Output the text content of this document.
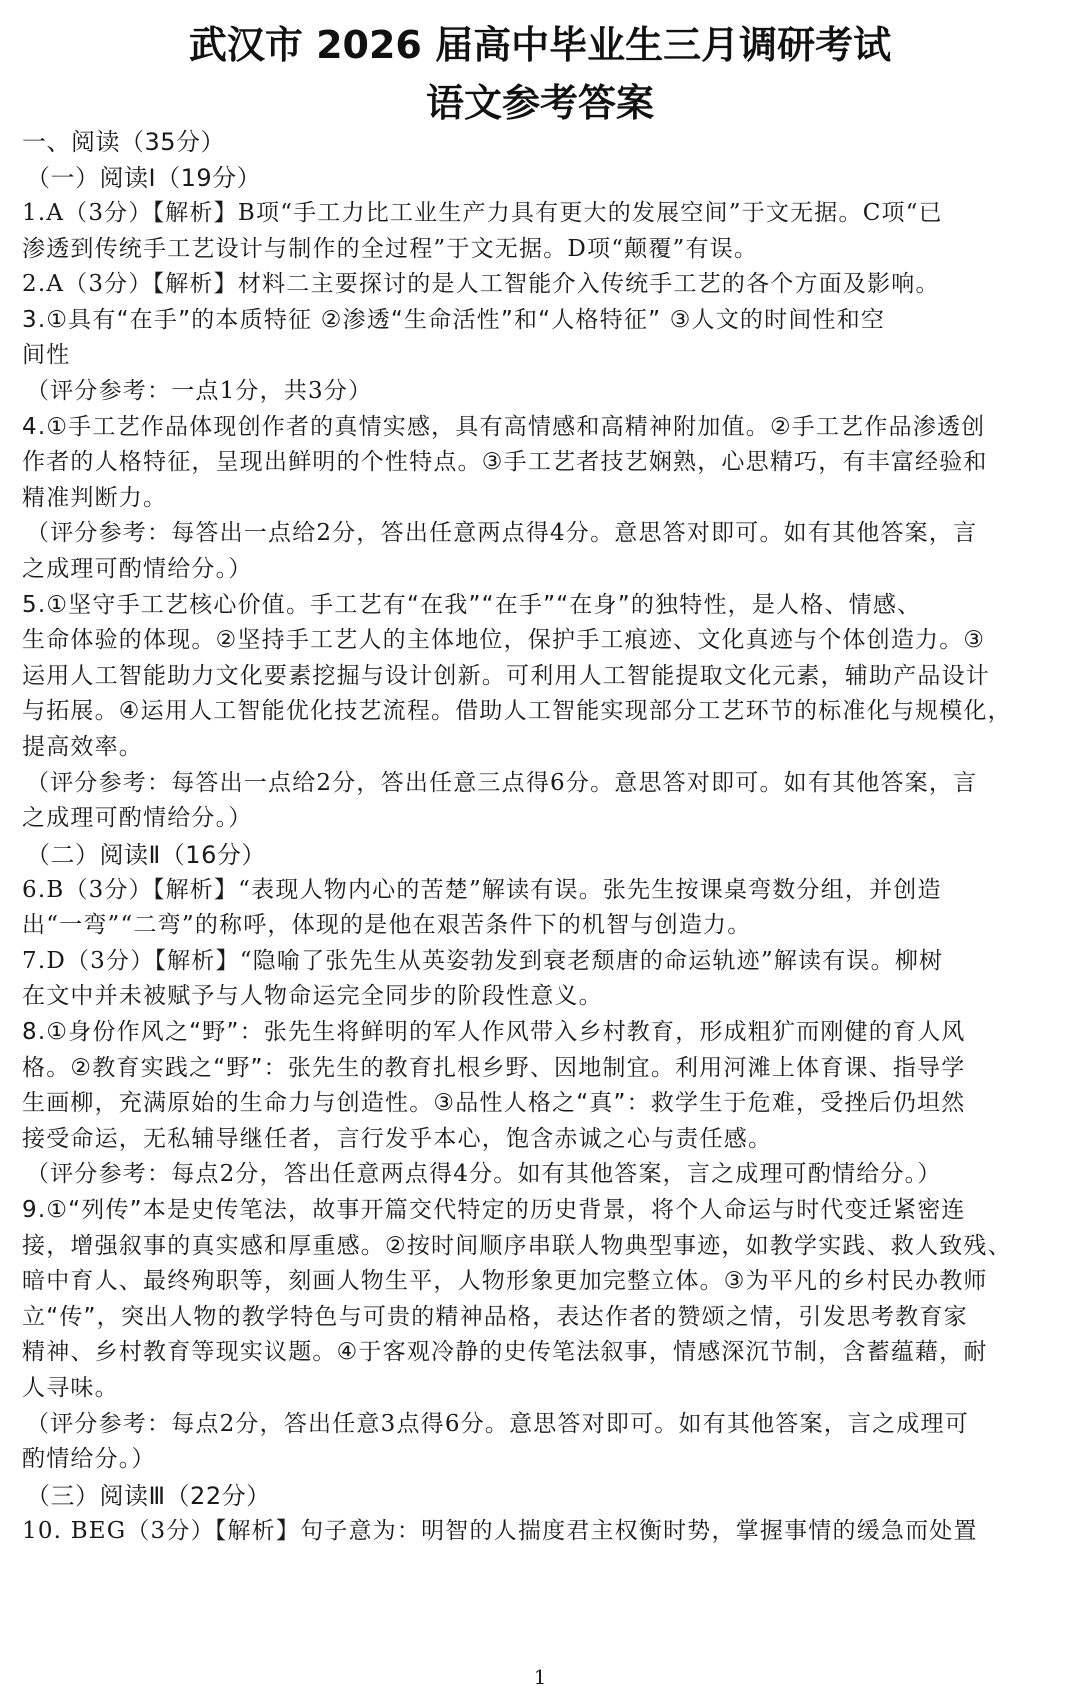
武汉市 2026 届高中毕业生三月调研考试
语文参考答案
一、阅读（35分）
（一）阅读Ⅰ（19分）
1.A（3分）【解析】B项“手工力比工业生产力具有更大的发展空间”于文无据。C项“已
渗透到传统手工艺设计与制作的全过程”于文无据。D项“颠覆”有误。
2.A（3分）【解析】材料二主要探讨的是人工智能介入传统手工艺的各个方面及影响。
3.①具有“在手”的本质特征 ②渗透“生命活性”和“人格特征” ③人文的时间性和空
间性
（评分参考：一点1分，共3分）
4.①手工艺作品体现创作者的真情实感，具有高情感和高精神附加值。②手工艺作品渗透创
作者的人格特征，呈现出鲜明的个性特点。③手工艺者技艺娴熟，心思精巧，有丰富经验和
精准判断力。
（评分参考：每答出一点给2分，答出任意两点得4分。意思答对即可。如有其他答案，言
之成理可酌情给分。）
5.①坚守手工艺核心价值。手工艺有“在我”“在手”“在身”的独特性，是人格、情感、
生命体验的体现。②坚持手工艺人的主体地位，保护手工痕迹、文化真迹与个体创造力。③
运用人工智能助力文化要素挖掘与设计创新。可利用人工智能提取文化元素，辅助产品设计
与拓展。④运用人工智能优化技艺流程。借助人工智能实现部分工艺环节的标准化与规模化，
提高效率。
（评分参考：每答出一点给2分，答出任意三点得6分。意思答对即可。如有其他答案，言
之成理可酌情给分。）
（二）阅读Ⅱ（16分）
6.B（3分）【解析】“表现人物内心的苦楚”解读有误。张先生按课桌弯数分组，并创造
出“一弯”“二弯”的称呼，体现的是他在艰苦条件下的机智与创造力。
7.D（3分）【解析】“隐喻了张先生从英姿勃发到衰老颓唐的命运轨迹”解读有误。柳树
在文中并未被赋予与人物命运完全同步的阶段性意义。
8.①身份作风之“野”：张先生将鲜明的军人作风带入乡村教育，形成粗犷而刚健的育人风
格。②教育实践之“野”：张先生的教育扎根乡野、因地制宜。利用河滩上体育课、指导学
生画柳，充满原始的生命力与创造性。③品性人格之“真”：救学生于危难，受挫后仍坦然
接受命运，无私辅导继任者，言行发乎本心，饱含赤诚之心与责任感。
（评分参考：每点2分，答出任意两点得4分。如有其他答案，言之成理可酌情给分。）
9.①“列传”本是史传笔法，故事开篇交代特定的历史背景，将个人命运与时代变迁紧密连
接，增强叙事的真实感和厚重感。②按时间顺序串联人物典型事迹，如教学实践、救人致残、
暗中育人、最终殉职等，刻画人物生平，人物形象更加完整立体。③为平凡的乡村民办教师
立“传”，突出人物的教学特色与可贵的精神品格，表达作者的赞颂之情，引发思考教育家
精神、乡村教育等现实议题。④于客观冷静的史传笔法叙事，情感深沉节制，含蓄蕴藉，耐
人寻味。
（评分参考：每点2分，答出任意3点得6分。意思答对即可。如有其他答案，言之成理可
酌情给分。）
（三）阅读Ⅲ（22分）
10. BEG（3分）【解析】句子意为：明智的人揣度君主权衡时势，掌握事情的缓急而处置
1
